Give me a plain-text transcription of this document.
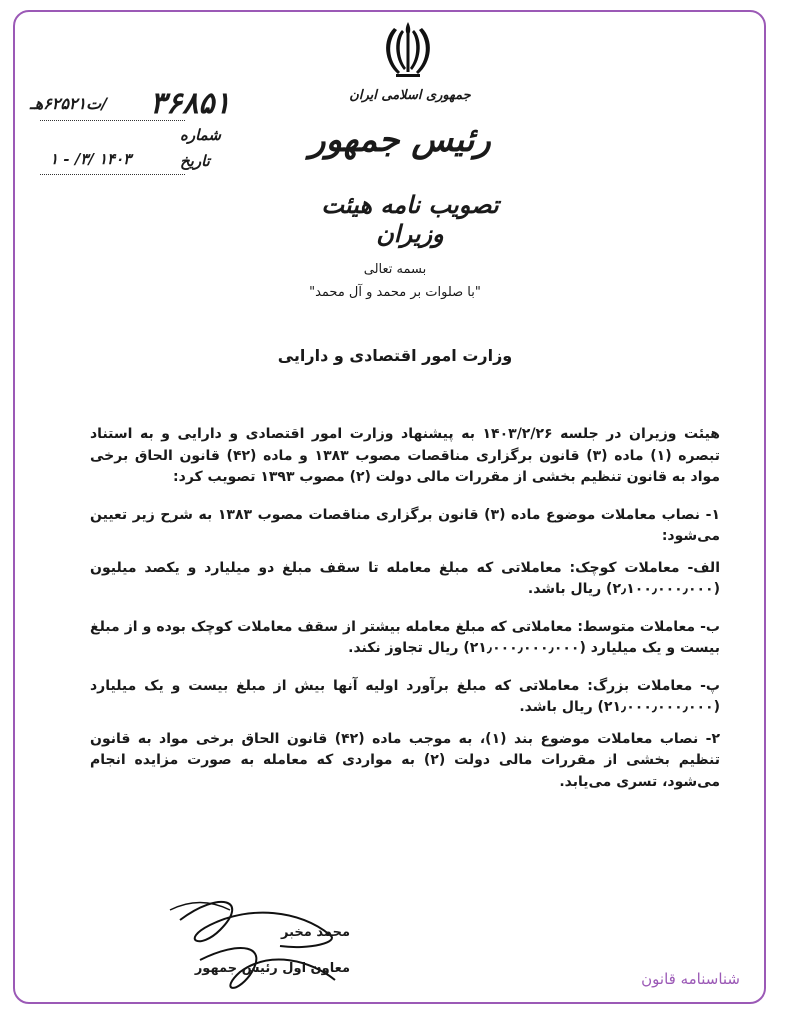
جمهوری اسلامی ایران
رئیس جمهور
تصویب نامه هیئت وزیران
۳۶۸۵۱
/ت۶۲۵۲۱هـ
شماره
تاریخ
۱۴۰۳ /۳/ - ۱
بسمه تعالی
"با صلوات بر محمد و آل محمد"
وزارت امور اقتصادی و دارایی

هیئت وزیران در جلسه ۱۴۰۳/۲/۲۶ به پیشنهاد وزارت امور اقتصادی و دارایی و به استناد تبصره (۱) ماده (۳) قانون برگزاری مناقصات مصوب ۱۳۸۳ و ماده (۴۲) قانون الحاق برخی مواد به قانون تنظیم بخشی از مقررات مالی دولت (۲) مصوب ۱۳۹۳ تصویب کرد:

۱- نصاب معاملات موضوع ماده (۳) قانون برگزاری مناقصات مصوب ۱۳۸۳ به شرح زیر تعیین می‌شود:

الف- معاملات کوچک: معاملاتی که مبلغ معامله تا سقف مبلغ دو میلیارد و یکصد میلیون (۲٫۱۰۰٫۰۰۰٫۰۰۰) ریال باشد.

ب- معاملات متوسط: معاملاتی که مبلغ معامله بیشتر از سقف معاملات کوچک بوده و از مبلغ بیست و یک میلیارد (۲۱٫۰۰۰٫۰۰۰٫۰۰۰) ریال تجاوز نکند.

پ- معاملات بزرگ: معاملاتی که مبلغ برآورد اولیه آنها بیش از مبلغ بیست و یک میلیارد (۲۱٫۰۰۰٫۰۰۰٫۰۰۰) ریال باشد.

۲- نصاب معاملات موضوع بند (۱)، به موجب ماده (۴۲) قانون الحاق برخی مواد به قانون تنظیم بخشی از مقررات مالی دولت (۲) به مواردی که معامله به صورت مزایده انجام می‌شود، تسری می‌یابد.

محمد مخبر
معاون اول رئیس جمهور
شناسنامه قانون
